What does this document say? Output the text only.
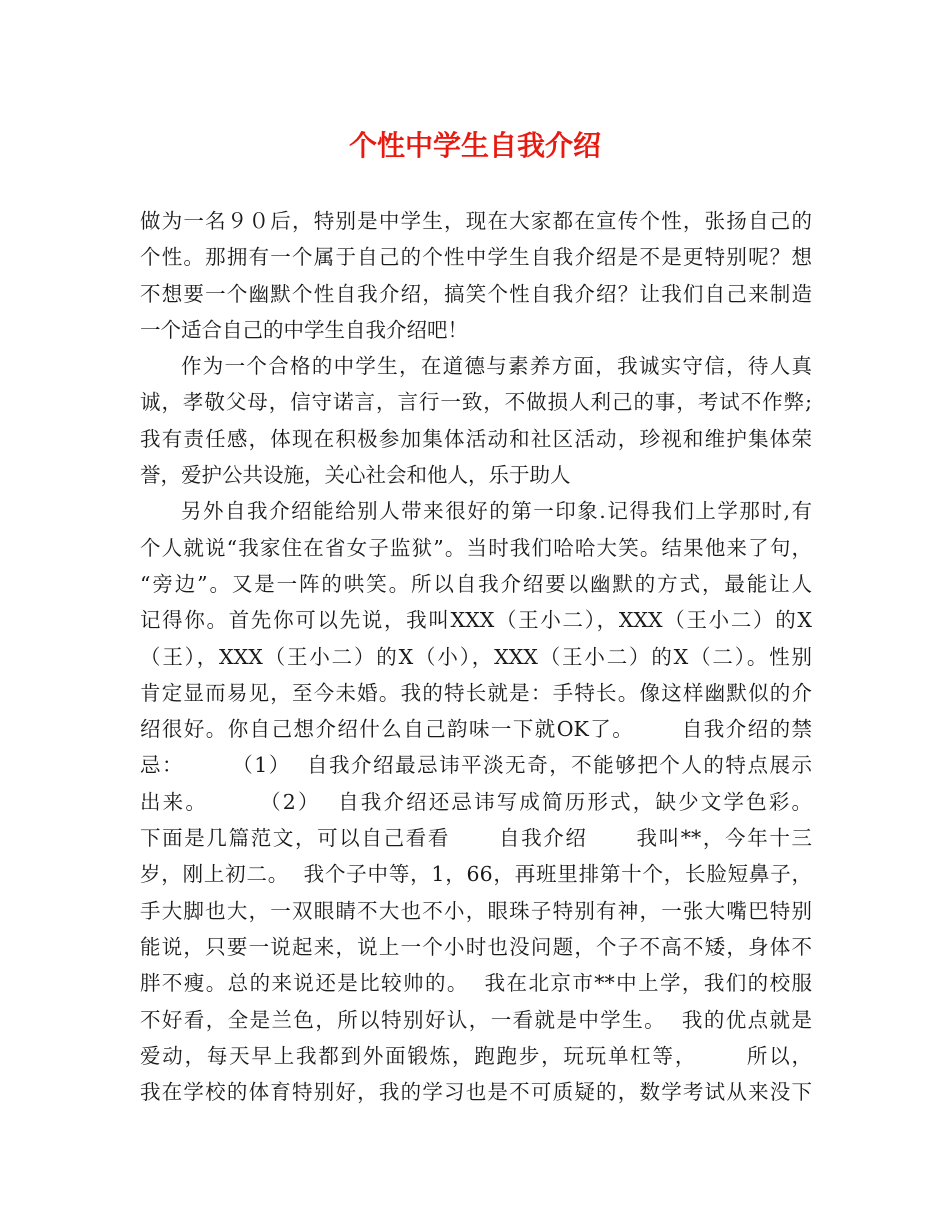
个性中学生自我介绍
做为一名９０后，特别是中学生，现在大家都在宣传个性，张扬自己的
个性。那拥有一个属于自己的个性中学生自我介绍是不是更特别呢？想
不想要一个幽默个性自我介绍，搞笑个性自我介绍？让我们自己来制造
一个适合自己的中学生自我介绍吧！
作为一个合格的中学生，在道德与素养方面，我诚实守信，待人真
诚，孝敬父母，信守诺言，言行一致，不做损人利己的事，考试不作弊;
我有责任感，体现在积极参加集体活动和社区活动，珍视和维护集体荣
誉，爱护公共设施，关心社会和他人，乐于助人
另外自我介绍能给别人带来很好的第一印象.记得我们上学那时,有
个人就说“我家住在省女子监狱”。当时我们哈哈大笑。结果他来了句，
“旁边”。又是一阵的哄笑。所以自我介绍要以幽默的方式，最能让人
记得你。首先你可以先说，我叫XXX（王小二），XXX（王小二）的X
（王），XXX（王小二）的X（小），XXX（王小二）的X（二）。性别
肯定显而易见，至今未婚。我的特长就是：手特长。像这样幽默似的介
绍很好。你自己想介绍什么自己韵味一下就OK了。      自我介绍的禁
忌：      （1）  自我介绍最忌讳平淡无奇，不能够把个人的特点展示
出来。      （2）  自我介绍还忌讳写成简历形式，缺少文学色彩。
下面是几篇范文，可以自己看看      自我介绍      我叫**，今年十三
岁，刚上初二。  我个子中等，1，66，再班里排第十个，长脸短鼻子，
手大脚也大，一双眼睛不大也不小，眼珠子特别有神，一张大嘴巴特别
能说，只要一说起来，说上一个小时也没问题，个子不高不矮，身体不
胖不瘦。总的来说还是比较帅的。  我在北京市**中上学，我们的校服
不好看，全是兰色，所以特别好认，一看就是中学生。  我的优点就是
爱动，每天早上我都到外面锻炼，跑跑步，玩玩单杠等，      所以，
我在学校的体育特别好，我的学习也是不可质疑的，数学考试从来没下
